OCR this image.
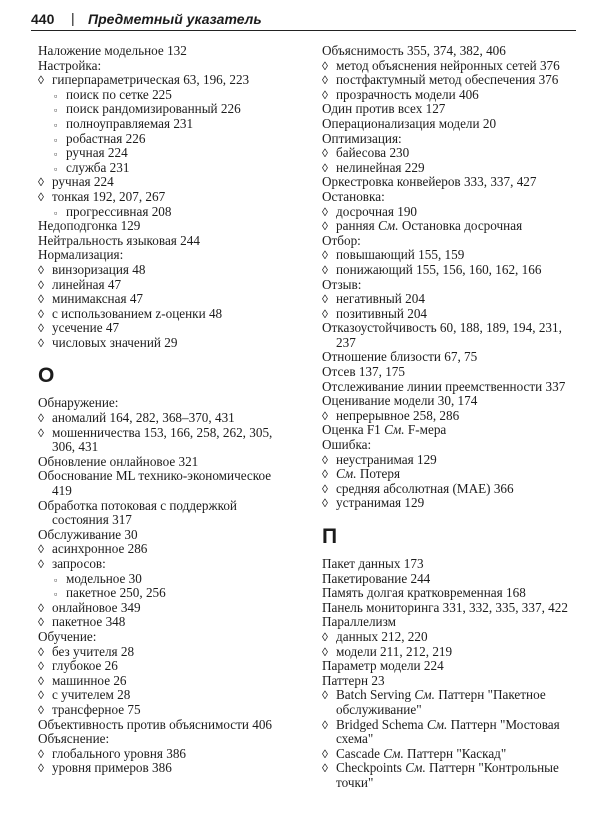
440 | Предметный указатель
Наложение модельное 132
Настройка:
◊ гиперпараметрическая 63, 196, 223
▫ поиск по сетке 225
▫ поиск рандомизированный 226
▫ полноуправляемая 231
▫ робастная 226
▫ ручная 224
▫ служба 231
◊ ручная 224
◊ тонкая 192, 207, 267
▫ прогрессивная 208
Недоподгонка 129
Нейтральность языковая 244
Нормализация:
◊ винзоризация 48
◊ линейная 47
◊ минимаксная 47
◊ с использованием z-оценки 48
◊ усечение 47
◊ числовых значений 29
О
Обнаружение:
◊ аномалий 164, 282, 368–370, 431
◊ мошенничества 153, 166, 258, 262, 305,
306, 431
Обновление онлайновое 321
Обоснование ML технико-экономическое
419
Обработка потоковая с поддержкой
состояния 317
Обслуживание 30
◊ асинхронное 286
◊ запросов:
▫ модельное 30
▫ пакетное 250, 256
◊ онлайновое 349
◊ пакетное 348
Обучение:
◊ без учителя 28
◊ глубокое 26
◊ машинное 26
◊ с учителем 28
◊ трансферное 75
Объективность против объяснимости 406
Объяснение:
◊ глобального уровня 386
◊ уровня примеров 386
Объяснимость 355, 374, 382, 406
◊ метод объяснения нейронных сетей 376
◊ постфактумный метод обеспечения 376
◊ прозрачность модели 406
Один против всех 127
Операционализация модели 20
Оптимизация:
◊ байесова 230
◊ нелинейная 229
Оркестровка конвейеров 333, 337, 427
Остановка:
◊ досрочная 190
◊ ранняя См. Остановка досрочная
Отбор:
◊ повышающий 155, 159
◊ понижающий 155, 156, 160, 162, 166
Отзыв:
◊ негативный 204
◊ позитивный 204
Отказоустойчивость 60, 188, 189, 194, 231,
237
Отношение близости 67, 75
Отсев 137, 175
Отслеживание линии преемственности 337
Оценивание модели 30, 174
◊ непрерывное 258, 286
Оценка F1 См. F-мера
Ошибка:
◊ неустранимая 129
◊ См. Потеря
◊ средняя абсолютная (MAE) 366
◊ устранимая 129
П
Пакет данных 173
Пакетирование 244
Память долгая кратковременная 168
Панель мониторинга 331, 332, 335, 337, 422
Параллелизм
◊ данных 212, 220
◊ модели 211, 212, 219
Параметр модели 224
Паттерн 23
◊ Batch Serving См. Паттерн "Пакетное
обслуживание"
◊ Bridged Schema См. Паттерн "Мостовая
схема"
◊ Cascade См. Паттерн "Каскад"
◊ Checkpoints См. Паттерн "Контрольные
точки"
